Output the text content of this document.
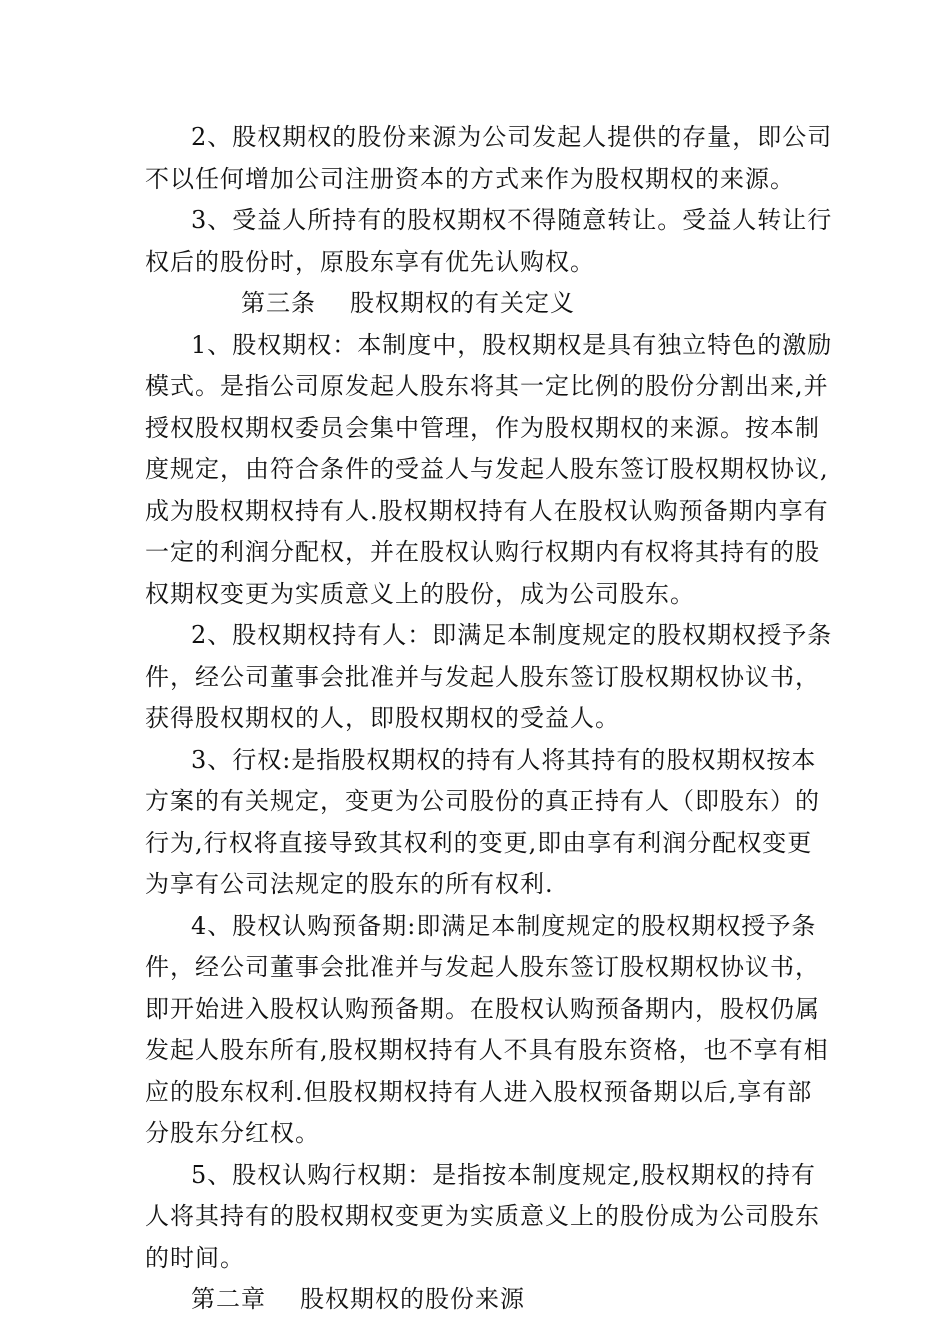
2、股权期权的股份来源为公司发起人提供的存量，即公司
不以任何增加公司注册资本的方式来作为股权期权的来源。
3、受益人所持有的股权期权不得随意转让。受益人转让行
权后的股份时，原股东享有优先认购权。
第三条 股权期权的有关定义
1、股权期权：本制度中，股权期权是具有独立特色的激励
模式。是指公司原发起人股东将其一定比例的股份分割出来,并
授权股权期权委员会集中管理，作为股权期权的来源。按本制
度规定，由符合条件的受益人与发起人股东签订股权期权协议,
成为股权期权持有人.股权期权持有人在股权认购预备期内享有
一定的利润分配权，并在股权认购行权期内有权将其持有的股
权期权变更为实质意义上的股份，成为公司股东。
2、股权期权持有人：即满足本制度规定的股权期权授予条
件，经公司董事会批准并与发起人股东签订股权期权协议书，
获得股权期权的人，即股权期权的受益人。
3、行权:是指股权期权的持有人将其持有的股权期权按本
方案的有关规定，变更为公司股份的真正持有人（即股东）的
行为,行权将直接导致其权利的变更,即由享有利润分配权变更
为享有公司法规定的股东的所有权利.
4、股权认购预备期:即满足本制度规定的股权期权授予条
件，经公司董事会批准并与发起人股东签订股权期权协议书，
即开始进入股权认购预备期。在股权认购预备期内，股权仍属
发起人股东所有,股权期权持有人不具有股东资格，也不享有相
应的股东权利.但股权期权持有人进入股权预备期以后,享有部
分股东分红权。
5、股权认购行权期：是指按本制度规定,股权期权的持有
人将其持有的股权期权变更为实质意义上的股份成为公司股东
的时间。
第二章 股权期权的股份来源
